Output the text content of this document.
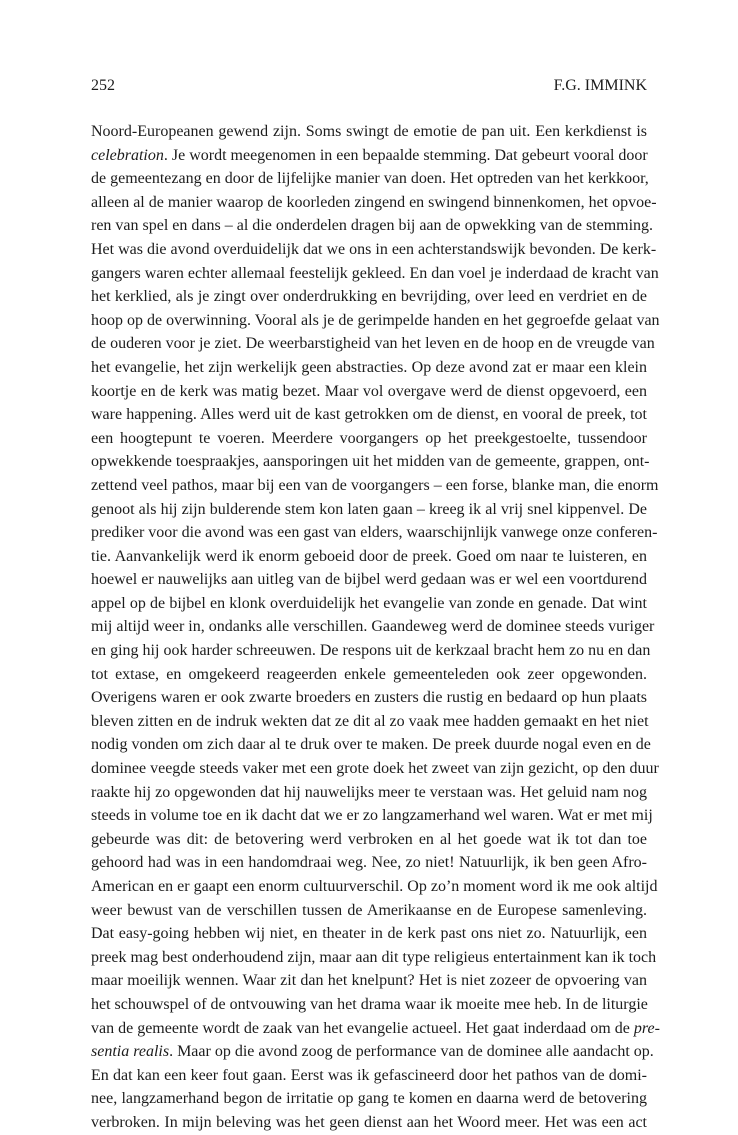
252	F.G. IMMINK
Noord-Europeanen gewend zijn. Soms swingt de emotie de pan uit. Een kerkdienst is
celebration. Je wordt meegenomen in een bepaalde stemming. Dat gebeurt vooral door
de gemeentezang en door de lijfelijke manier van doen. Het optreden van het kerkkoor,
alleen al de manier waarop de koorleden zingend en swingend binnenkomen, het opvoe-
ren van spel en dans – al die onderdelen dragen bij aan de opwekking van de stemming.
Het was die avond overduidelijk dat we ons in een achterstandswijk bevonden. De kerk-
gangers waren echter allemaal feestelijk gekleed. En dan voel je inderdaad de kracht van
het kerklied, als je zingt over onderdrukking en bevrijding, over leed en verdriet en de
hoop op de overwinning. Vooral als je de gerimpelde handen en het gegroefde gelaat van
de ouderen voor je ziet. De weerbarstigheid van het leven en de hoop en de vreugde van
het evangelie, het zijn werkelijk geen abstracties. Op deze avond zat er maar een klein
koortje en de kerk was matig bezet. Maar vol overgave werd de dienst opgevoerd, een
ware happening. Alles werd uit de kast getrokken om de dienst, en vooral de preek, tot
een hoogtepunt te voeren. Meerdere voorgangers op het preekgestoelte, tussendoor
opwekkende toespraakjes, aansporingen uit het midden van de gemeente, grappen, ont-
zettend veel pathos, maar bij een van de voorgangers – een forse, blanke man, die enorm
genoot als hij zijn bulderende stem kon laten gaan – kreeg ik al vrij snel kippenvel. De
prediker voor die avond was een gast van elders, waarschijnlijk vanwege onze conferen-
tie. Aanvankelijk werd ik enorm geboeid door de preek. Goed om naar te luisteren, en
hoewel er nauwelijks aan uitleg van de bijbel werd gedaan was er wel een voortdurend
appel op de bijbel en klonk overduidelijk het evangelie van zonde en genade. Dat wint
mij altijd weer in, ondanks alle verschillen. Gaandeweg werd de dominee steeds vuriger
en ging hij ook harder schreeuwen. De respons uit de kerkzaal bracht hem zo nu en dan
tot extase, en omgekeerd reageerden enkele gemeenteleden ook zeer opgewonden.
Overigens waren er ook zwarte broeders en zusters die rustig en bedaard op hun plaats
bleven zitten en de indruk wekten dat ze dit al zo vaak mee hadden gemaakt en het niet
nodig vonden om zich daar al te druk over te maken. De preek duurde nogal even en de
dominee veegde steeds vaker met een grote doek het zweet van zijn gezicht, op den duur
raakte hij zo opgewonden dat hij nauwelijks meer te verstaan was. Het geluid nam nog
steeds in volume toe en ik dacht dat we er zo langzamerhand wel waren. Wat er met mij
gebeurde was dit: de betovering werd verbroken en al het goede wat ik tot dan toe
gehoord had was in een handomdraai weg. Nee, zo niet! Natuurlijk, ik ben geen Afro-
American en er gaapt een enorm cultuurverschil. Op zo’n moment word ik me ook altijd
weer bewust van de verschillen tussen de Amerikaanse en de Europese samenleving.
Dat easy-going hebben wij niet, en theater in de kerk past ons niet zo. Natuurlijk, een
preek mag best onderhoudend zijn, maar aan dit type religieus entertainment kan ik toch
maar moeilijk wennen. Waar zit dan het knelpunt? Het is niet zozeer de opvoering van
het schouwspel of de ontvouwing van het drama waar ik moeite mee heb. In de liturgie
van de gemeente wordt de zaak van het evangelie actueel. Het gaat inderdaad om de pre-
sentia realis. Maar op die avond zoog de performance van de dominee alle aandacht op.
En dat kan een keer fout gaan. Eerst was ik gefascineerd door het pathos van de domi-
nee, langzamerhand begon de irritatie op gang te komen en daarna werd de betovering
verbroken. In mijn beleving was het geen dienst aan het Woord meer. Het was een act
